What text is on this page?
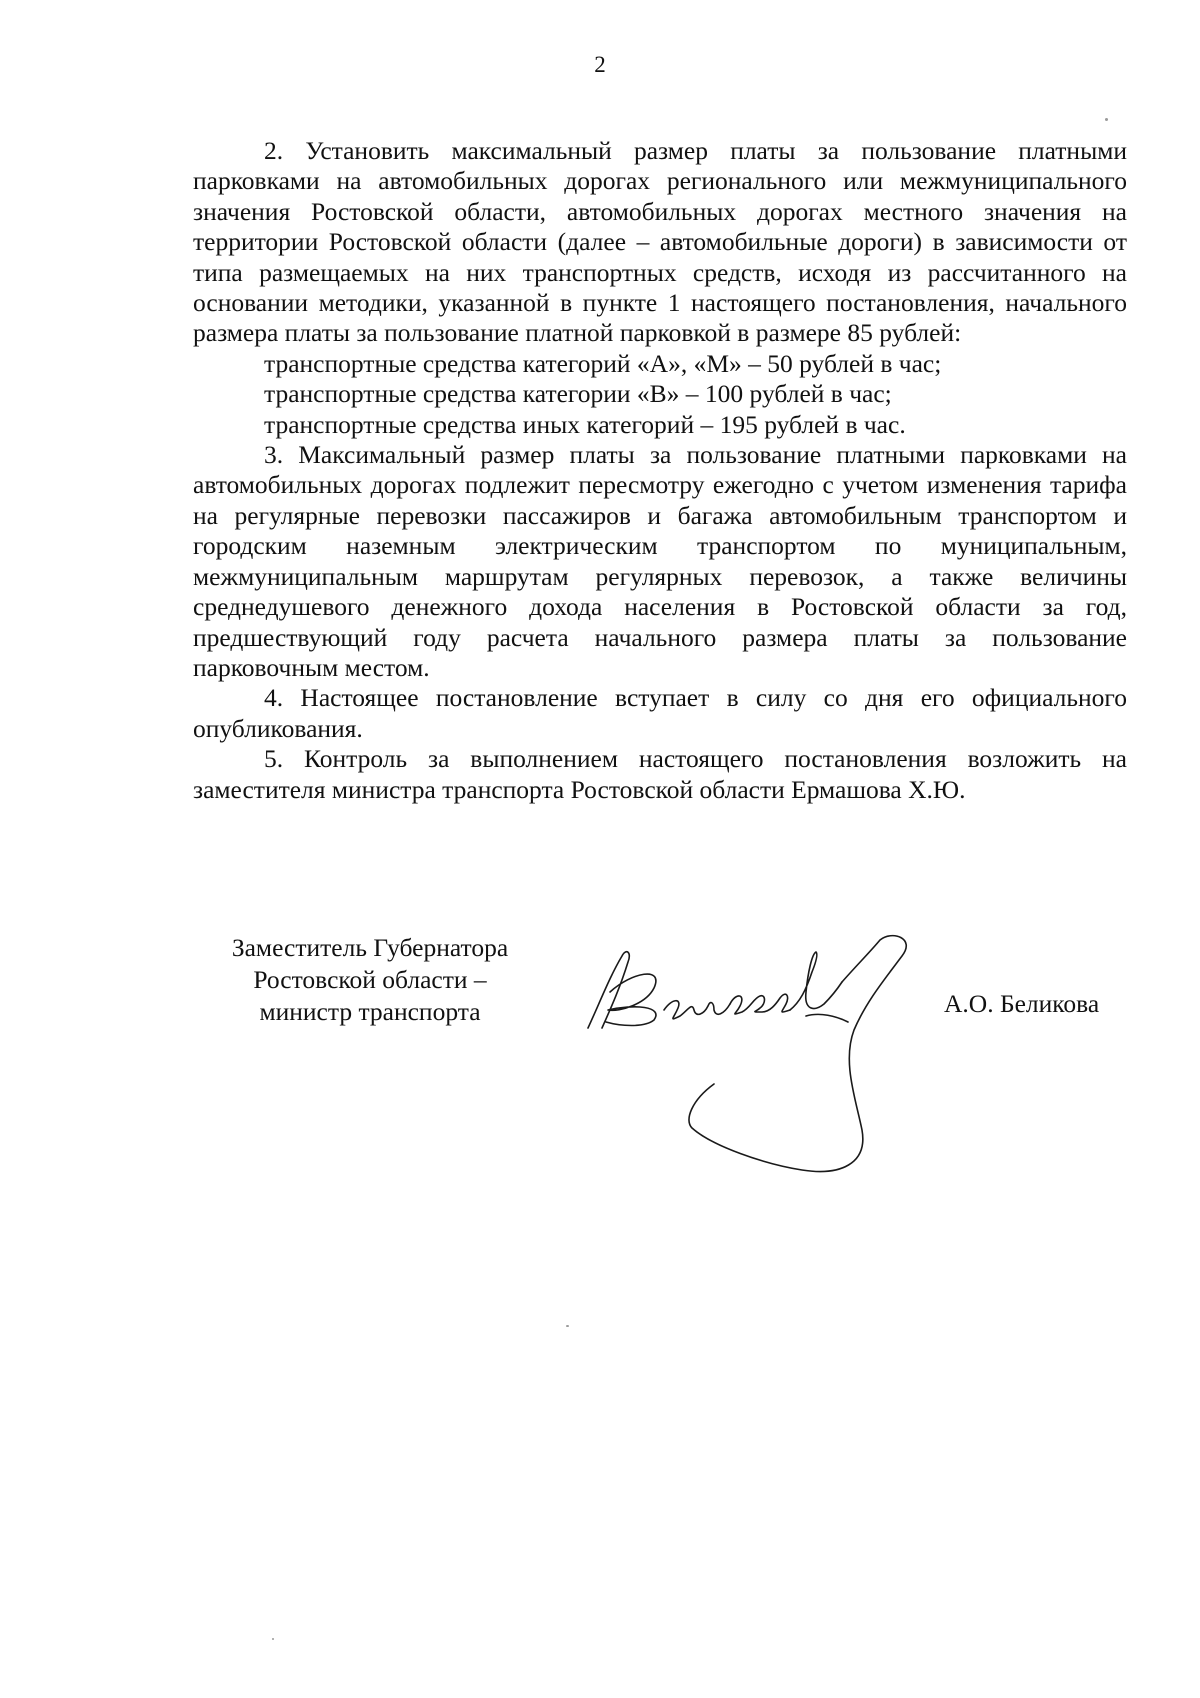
2

2. Установить максимальный размер платы за пользование платными парковками на автомобильных дорогах регионального или межмуниципального значения Ростовской области, автомобильных дорогах местного значения на территории Ростовской области (далее – автомобильные дороги) в зависимости от типа размещаемых на них транспортных средств, исходя из рассчитанного на основании методики, указанной в пункте 1 настоящего постановления, начального размера платы за пользование платной парковкой в размере 85 рублей:

транспортные средства категорий «А», «М» – 50 рублей в час;

транспортные средства категории «В» – 100 рублей в час;

транспортные средства иных категорий – 195 рублей в час.

3. Максимальный размер платы за пользование платными парковками на автомобильных дорогах подлежит пересмотру ежегодно с учетом изменения тарифа на регулярные перевозки пассажиров и багажа автомобильным транспортом и городским наземным электрическим транспортом по муниципальным, межмуниципальным маршрутам регулярных перевозок, а также величины среднедушевого денежного дохода населения в Ростовской области за год, предшествующий году расчета начального размера платы за пользование парковочным местом.

4. Настоящее постановление вступает в силу со дня его официального опубликования.

5. Контроль за выполнением настоящего постановления возложить на заместителя министра транспорта Ростовской области Ермашова Х.Ю.

Заместитель Губернатора
Ростовской области –
министр транспорта	А.О. Беликова
